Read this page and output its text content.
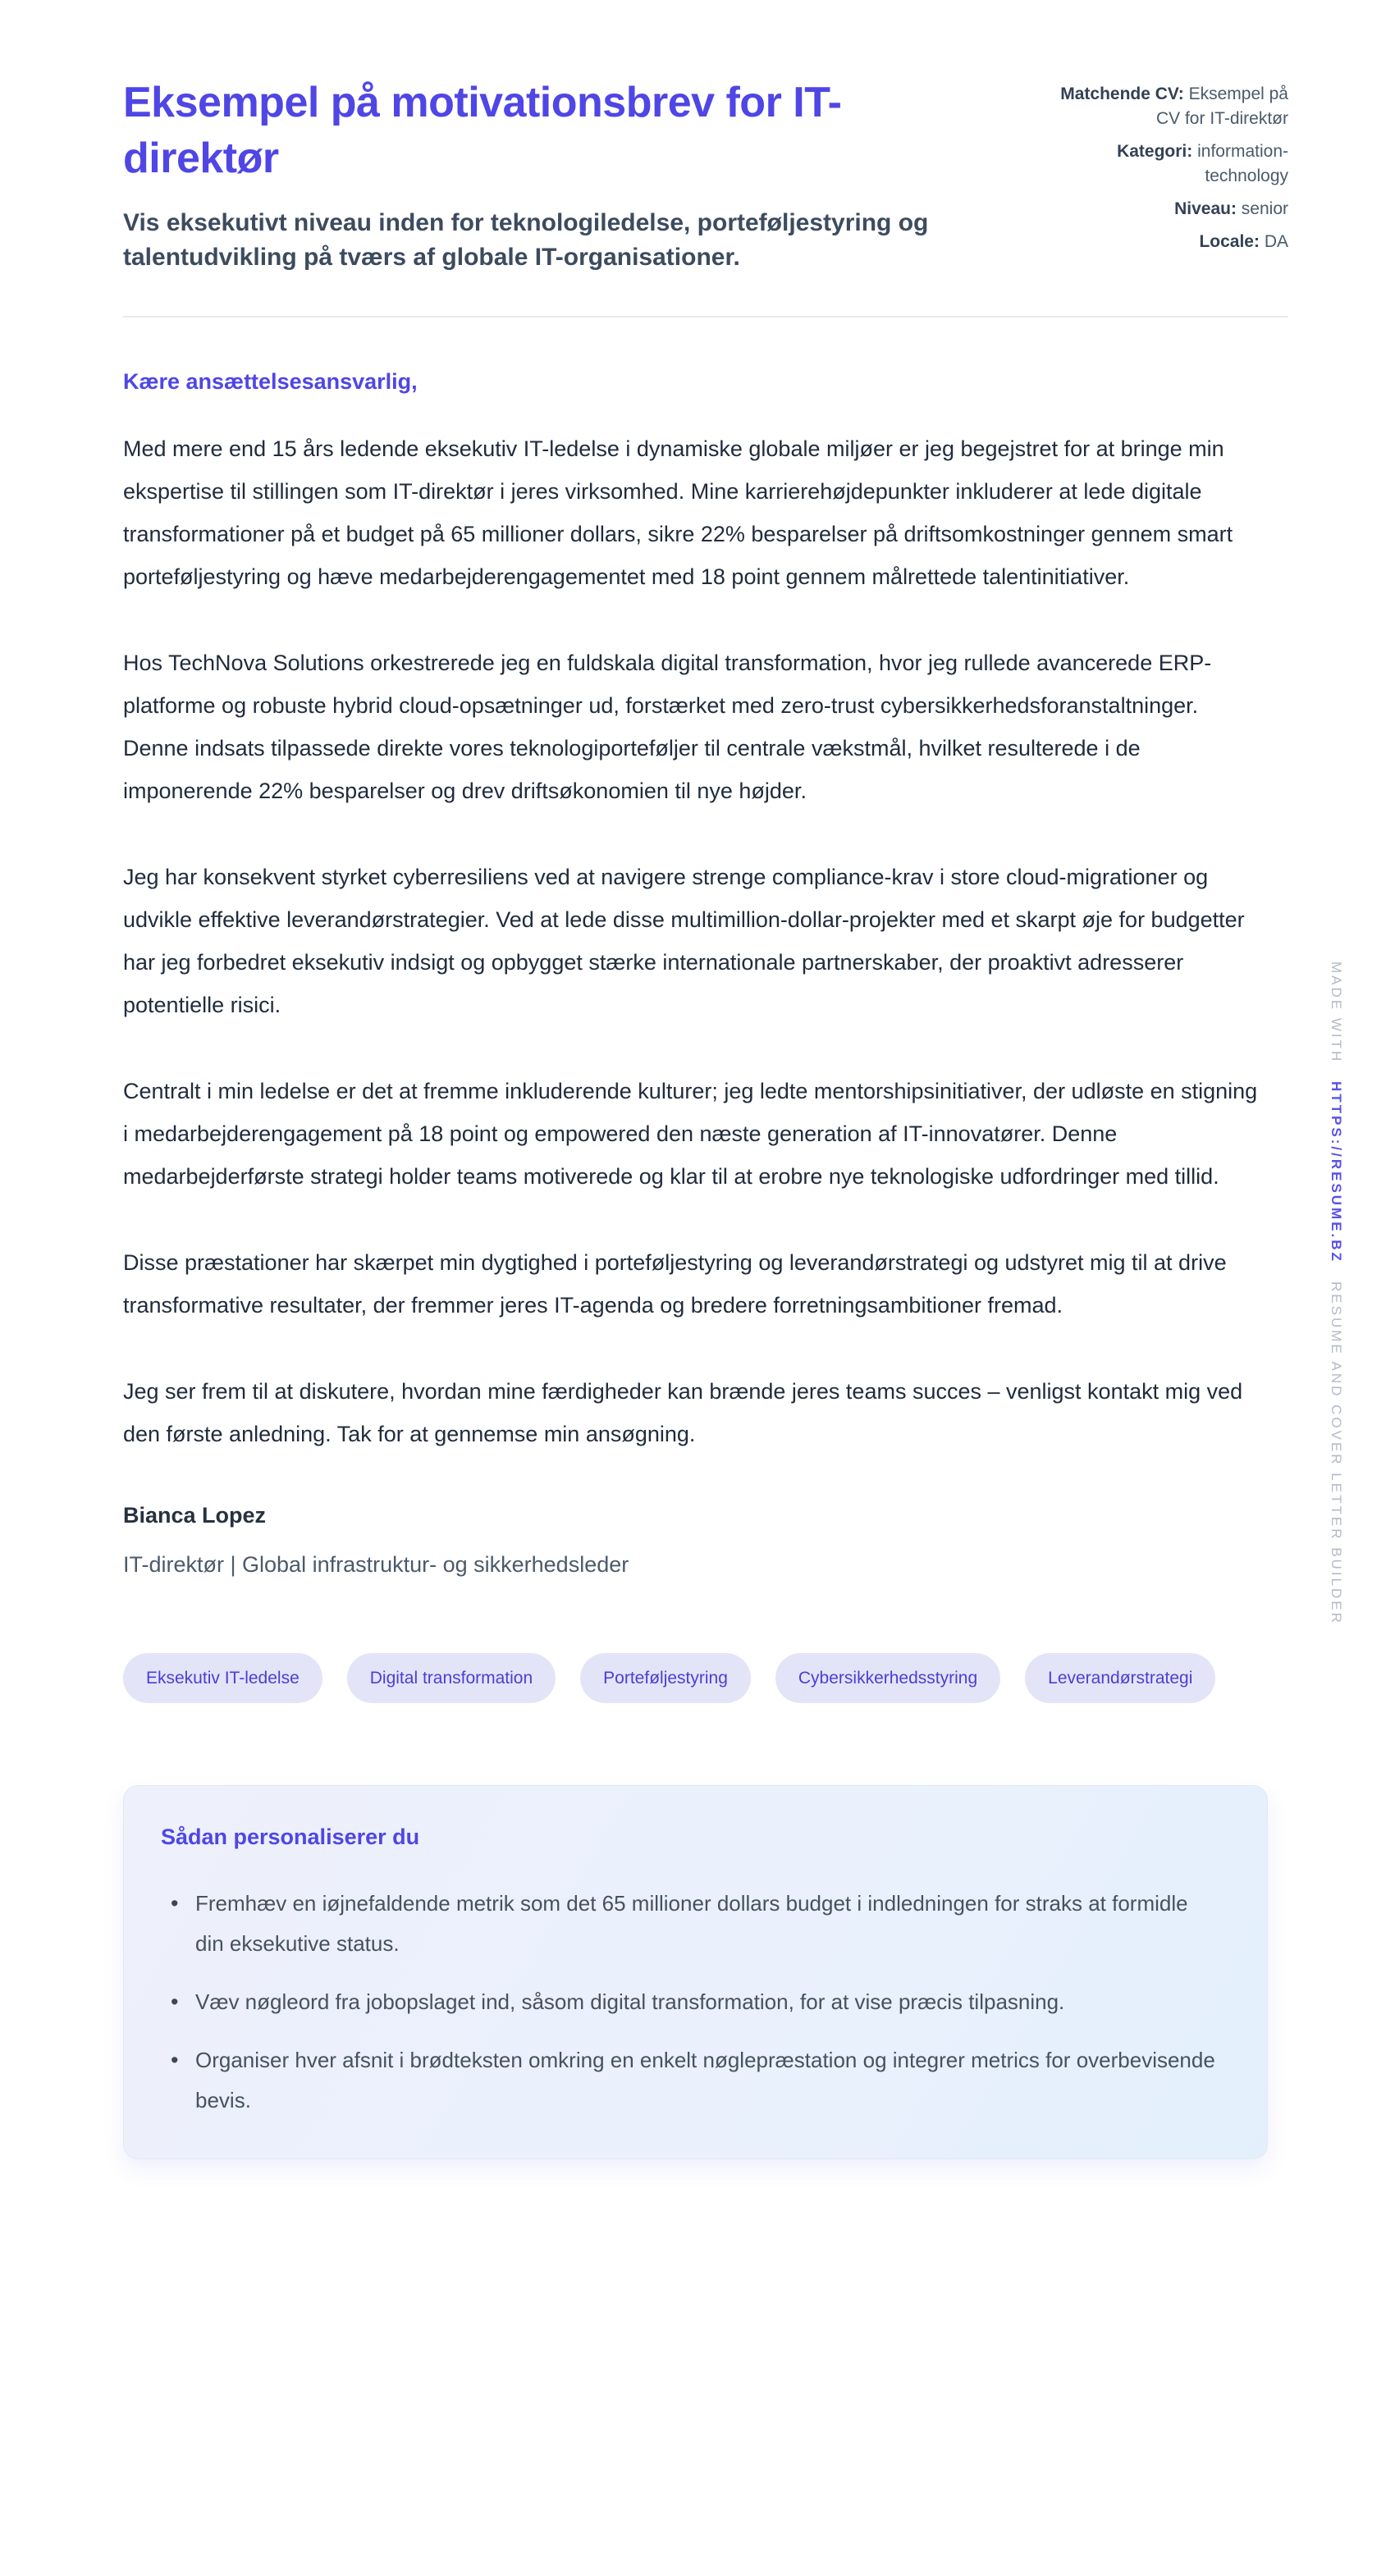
Eksempel på motivationsbrev for IT-direktør

Vis eksekutivt niveau inden for teknologiledelse, porteføljestyring og talentudvikling på tværs af globale IT-organisationer.

Matchende CV: Eksempel på CV for IT-direktør
Kategori: information-technology
Niveau: senior
Locale: DA

Kære ansættelsesansvarlig,

Med mere end 15 års ledende eksekutiv IT-ledelse i dynamiske globale miljøer er jeg begejstret for at bringe min ekspertise til stillingen som IT-direktør i jeres virksomhed. Mine karrierehøjdepunkter inkluderer at lede digitale transformationer på et budget på 65 millioner dollars, sikre 22% besparelser på driftsomkostninger gennem smart porteføljestyring og hæve medarbejderengagementet med 18 point gennem målrettede talentinitiativer.

Hos TechNova Solutions orkestrerede jeg en fuldskala digital transformation, hvor jeg rullede avancerede ERP-platforme og robuste hybrid cloud-opsætninger ud, forstærket med zero-trust cybersikkerhedsforanstaltninger. Denne indsats tilpassede direkte vores teknologiporteføljer til centrale vækstmål, hvilket resulterede i de imponerende 22% besparelser og drev driftsøkonomien til nye højder.

Jeg har konsekvent styrket cyberresiliens ved at navigere strenge compliance-krav i store cloud-migrationer og udvikle effektive leverandørstrategier. Ved at lede disse multimillion-dollar-projekter med et skarpt øje for budgetter har jeg forbedret eksekutiv indsigt og opbygget stærke internationale partnerskaber, der proaktivt adresserer potentielle risici.

Centralt i min ledelse er det at fremme inkluderende kulturer; jeg ledte mentorshipsinitiativer, der udløste en stigning i medarbejderengagement på 18 point og empowered den næste generation af IT-innovatører. Denne medarbejderførste strategi holder teams motiverede og klar til at erobre nye teknologiske udfordringer med tillid.

Disse præstationer har skærpet min dygtighed i porteføljestyring og leverandørstrategi og udstyret mig til at drive transformative resultater, der fremmer jeres IT-agenda og bredere forretningsambitioner fremad.

Jeg ser frem til at diskutere, hvordan mine færdigheder kan brænde jeres teams succes – venligst kontakt mig ved den første anledning. Tak for at gennemse min ansøgning.

Bianca Lopez

IT-direktør | Global infrastruktur- og sikkerhedsleder

Eksekutiv IT-ledelse	Digital transformation	Porteføljestyring	Cybersikkerhedsstyring	Leverandørstrategi
Sådan personaliserer du
• Fremhæv en iøjnefaldende metrik som det 65 millioner dollars budget i indledningen for straks at formidle din eksekutive status.
• Væv nøgleord fra jobopslaget ind, såsom digital transformation, for at vise præcis tilpasning.
• Organiser hver afsnit i brødteksten omkring en enkelt nøglepræstation og integrer metrics for overbevisende bevis.
MADE WITH
HTTPS://RESUME.BZ
RESUME AND COVER LETTER BUILDER
